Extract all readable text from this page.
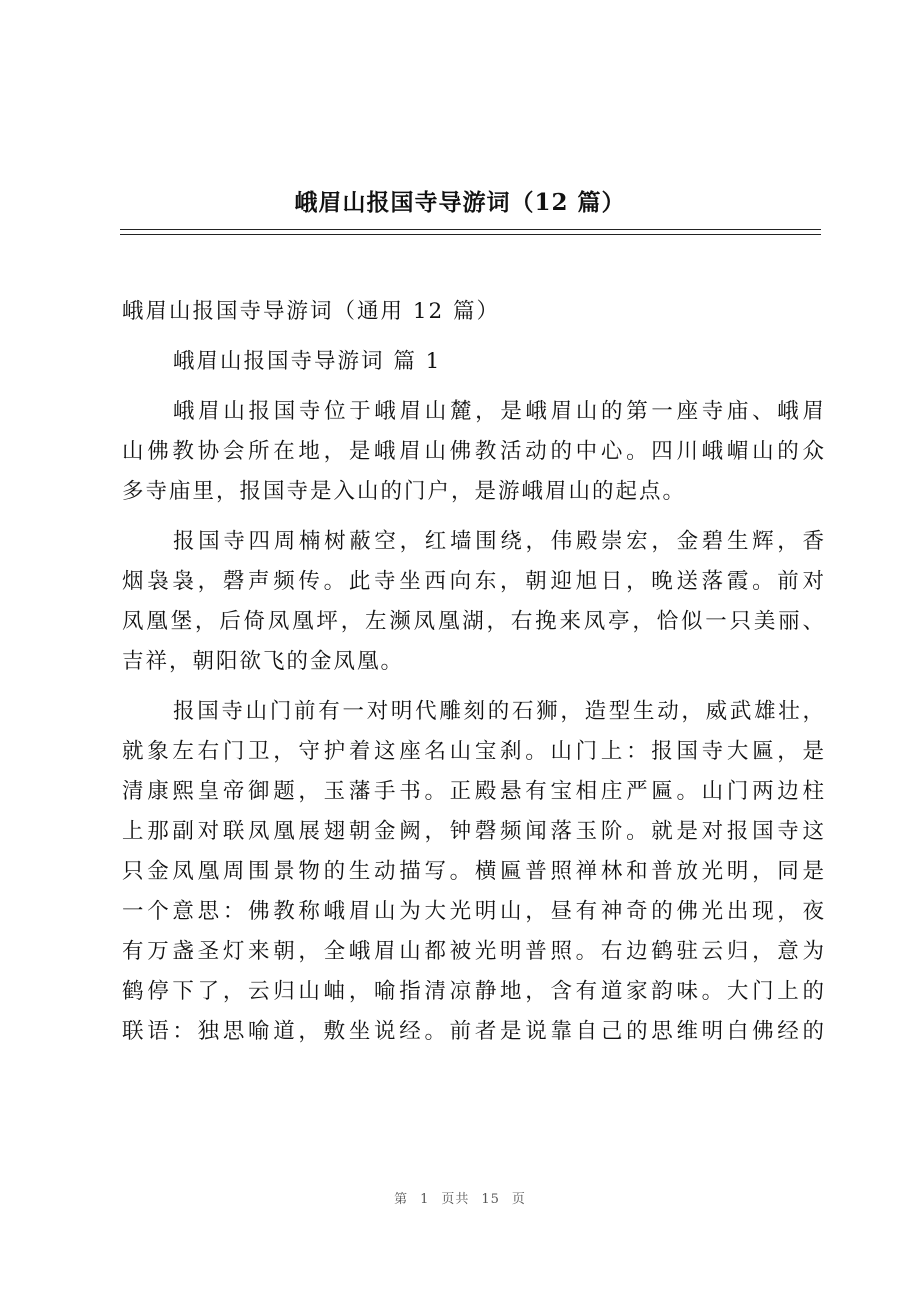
峨眉山报国寺导游词（12 篇）
峨眉山报国寺导游词（通用 12 篇）
峨眉山报国寺导游词 篇 1
峨眉山报国寺位于峨眉山麓，是峨眉山的第一座寺庙、峨眉
山佛教协会所在地，是峨眉山佛教活动的中心。四川峨嵋山的众
多寺庙里，报国寺是入山的门户，是游峨眉山的起点。
报国寺四周楠树蔽空，红墙围绕，伟殿崇宏，金碧生辉，香
烟袅袅，磬声频传。此寺坐西向东，朝迎旭日，晚送落霞。前对
凤凰堡，后倚凤凰坪，左濒凤凰湖，右挽来凤亭，恰似一只美丽、
吉祥，朝阳欲飞的金凤凰。
报国寺山门前有一对明代雕刻的石狮，造型生动，威武雄壮，
就象左右门卫，守护着这座名山宝刹。山门上：报国寺大匾，是
清康熙皇帝御题，玉藩手书。正殿悬有宝相庄严匾。山门两边柱
上那副对联凤凰展翅朝金阙，钟磬频闻落玉阶。就是对报国寺这
只金凤凰周围景物的生动描写。横匾普照禅林和普放光明，同是
一个意思：佛教称峨眉山为大光明山，昼有神奇的佛光出现，夜
有万盏圣灯来朝，全峨眉山都被光明普照。右边鹤驻云归，意为
鹤停下了，云归山岫，喻指清凉静地，含有道家韵味。大门上的
联语：独思喻道，敷坐说经。前者是说靠自己的思维明白佛经的
第 1 页共 15 页
